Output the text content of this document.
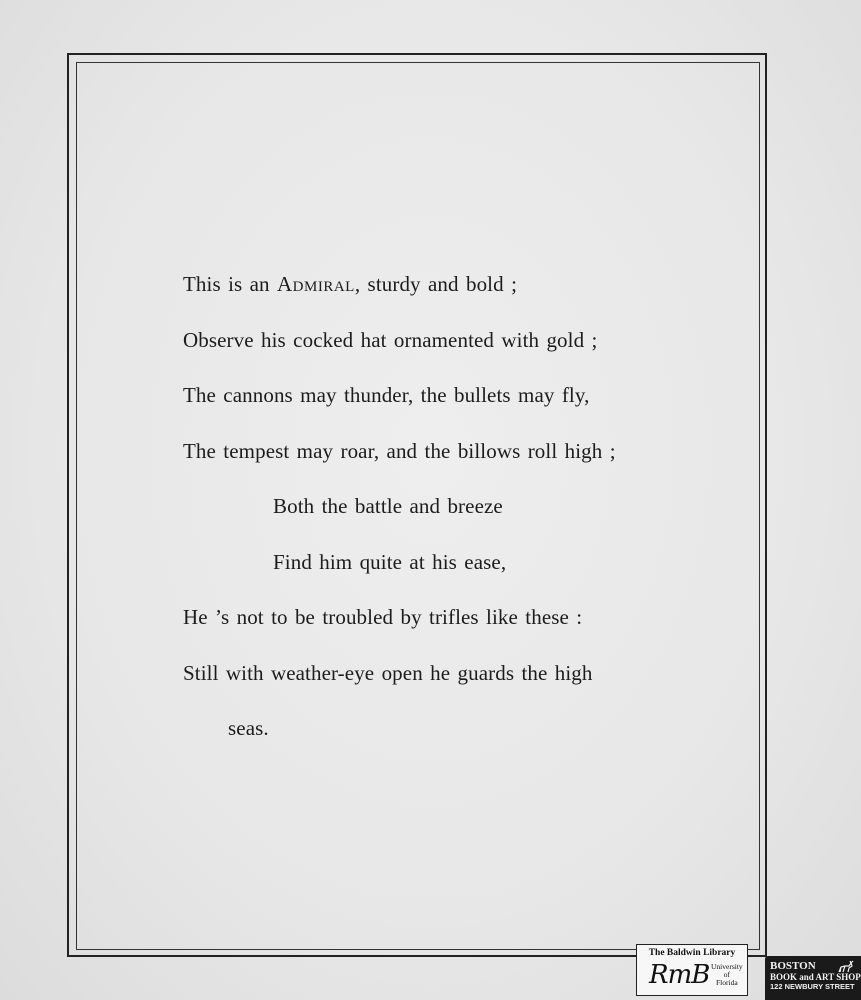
This is an Admiral, sturdy and bold ;
Observe his cocked hat ornamented with gold ;
The cannons may thunder, the bullets may fly,
The tempest may roar, and the billows roll high ;
Both the battle and breeze
Find him quite at his ease,
He ’s not to be troubled by trifles like these :
Still with weather-eye open he guards the high
seas.
The Baldwin Library
RmB University
of
Florida
BOSTON
BOOK and ART SHOP
122 NEWBURY STREET
